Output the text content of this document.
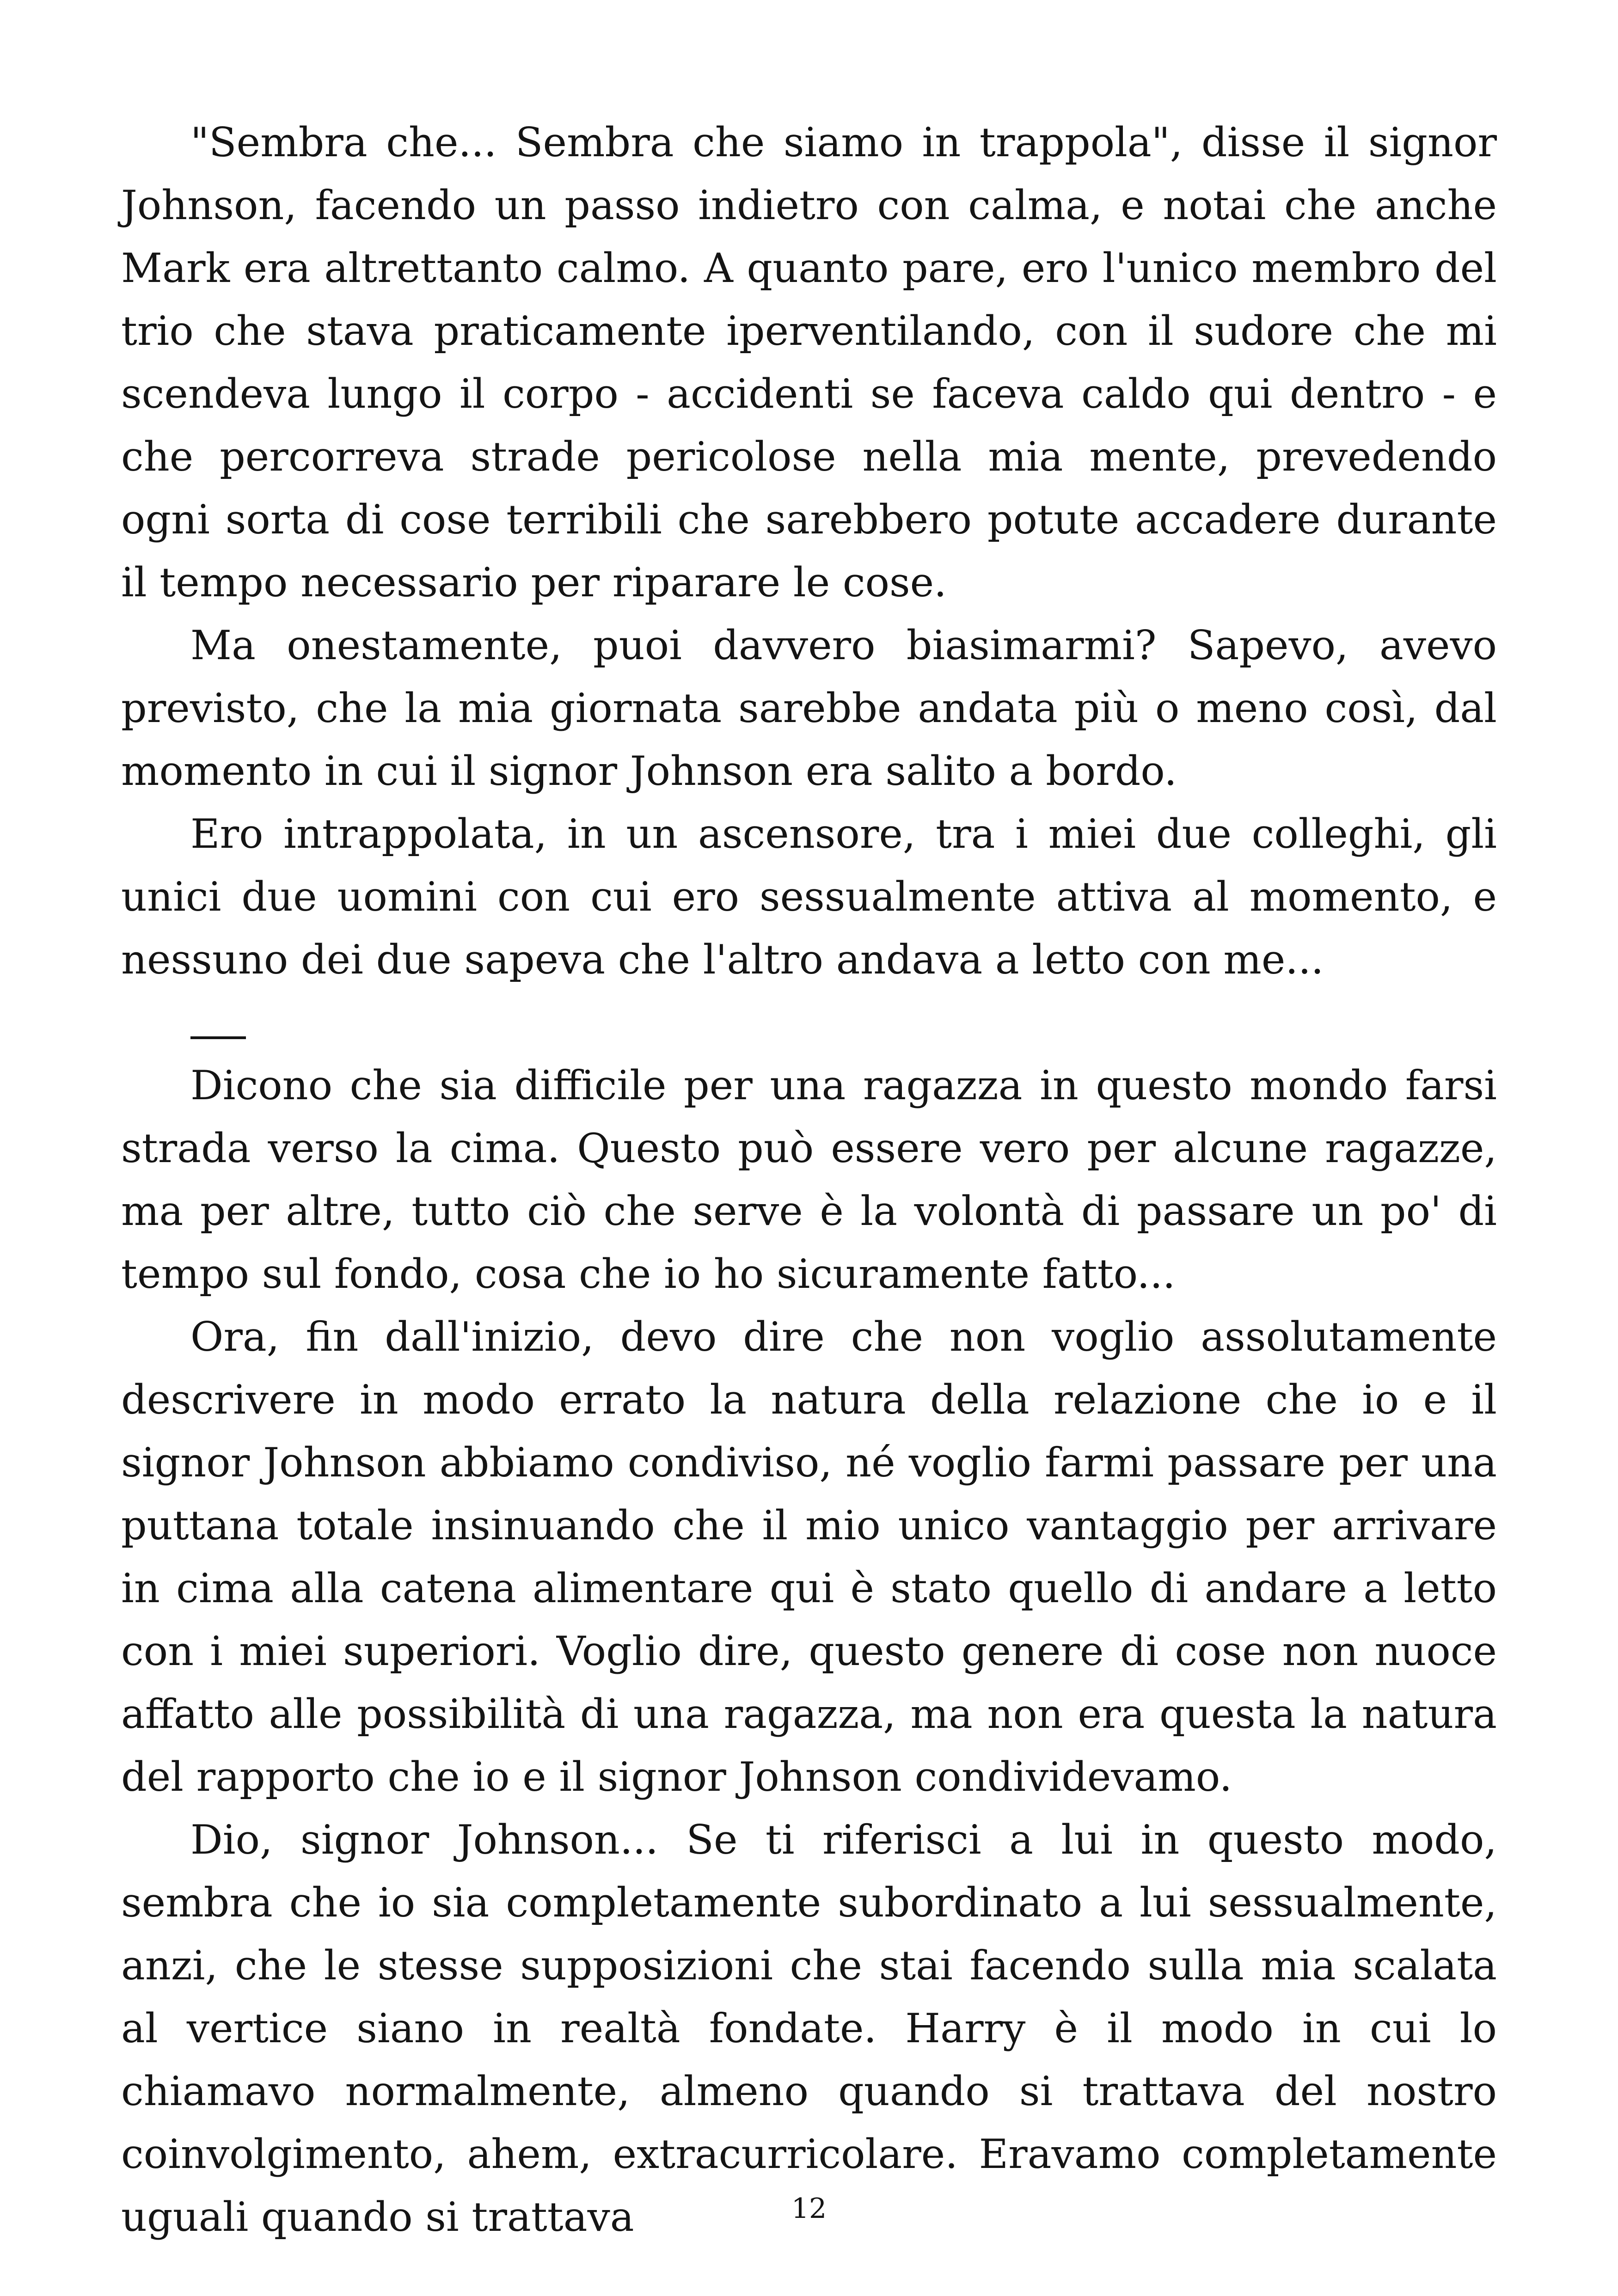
"Sembra che... Sembra che siamo in trappola", disse il signor Johnson, facendo un passo indietro con calma, e notai che anche Mark era altrettanto calmo. A quanto pare, ero l'unico membro del trio che stava praticamente iperventilando, con il sudore che mi scendeva lungo il corpo - accidenti se faceva caldo qui dentro - e che percorreva strade pericolose nella mia mente, prevedendo ogni sorta di cose terribili che sarebbero potute accadere durante il tempo necessario per riparare le cose.

Ma onestamente, puoi davvero biasimarmi? Sapevo, avevo previsto, che la mia giornata sarebbe andata più o meno così, dal momento in cui il signor Johnson era salito a bordo.

Ero intrappolata, in un ascensore, tra i miei due colleghi, gli unici due uomini con cui ero sessualmente attiva al momento, e nessuno dei due sapeva che l'altro andava a letto con me...

Dicono che sia difficile per una ragazza in questo mondo farsi strada verso la cima. Questo può essere vero per alcune ragazze, ma per altre, tutto ciò che serve è la volontà di passare un po' di tempo sul fondo, cosa che io ho sicuramente fatto...

Ora, fin dall'inizio, devo dire che non voglio assolutamente descrivere in modo errato la natura della relazione che io e il signor Johnson abbiamo condiviso, né voglio farmi passare per una puttana totale insinuando che il mio unico vantaggio per arrivare in cima alla catena alimentare qui è stato quello di andare a letto con i miei superiori. Voglio dire, questo genere di cose non nuoce affatto alle possibilità di una ragazza, ma non era questa la natura del rapporto che io e il signor Johnson condividevamo.

Dio, signor Johnson... Se ti riferisci a lui in questo modo, sembra che io sia completamente subordinato a lui sessualmente, anzi, che le stesse supposizioni che stai facendo sulla mia scalata al vertice siano in realtà fondate. Harry è il modo in cui lo chiamavo normalmente, almeno quando si trattava del nostro coinvolgimento, ahem, extracurricolare. Eravamo completamente uguali quando si trattava	12
